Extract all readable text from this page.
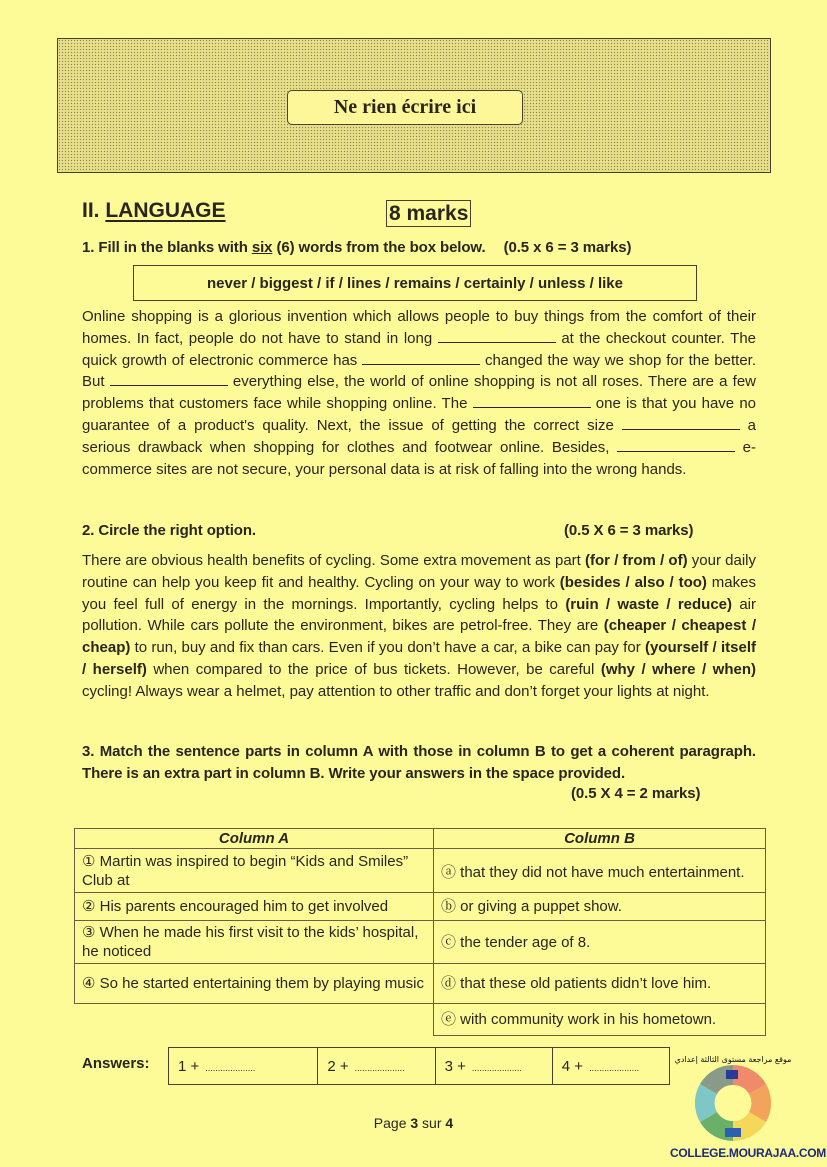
Ne rien écrire ici
II. LANGUAGE	8 marks
1. Fill in the blanks with six (6) words from the box below. (0.5 x 6 = 3 marks)
never / biggest / if / lines / remains / certainly / unless / like
Online shopping is a glorious invention which allows people to buy things from the comfort of their homes. In fact, people do not have to stand in long	at the checkout counter. The quick growth of electronic commerce has	changed the way we shop for the better. But	everything else, the world of online shopping is not all roses. There are a few problems that customers face while shopping online. The	one is that you have no guarantee of a product's quality. Next, the issue of getting the correct size	a serious drawback when shopping for clothes and footwear online. Besides,	e-commerce sites are not secure, your personal data is at risk of falling into the wrong hands.
2. Circle the right option.	(0.5 X 6 = 3 marks)
There are obvious health benefits of cycling. Some extra movement as part (for / from / of) your daily routine can help you keep fit and healthy. Cycling on your way to work (besides / also / too) makes you feel full of energy in the mornings. Importantly, cycling helps to (ruin / waste / reduce) air pollution. While cars pollute the environment, bikes are petrol-free. They are (cheaper / cheapest / cheap) to run, buy and fix than cars. Even if you don’t have a car, a bike can pay for (yourself / itself / herself) when compared to the price of bus tickets. However, be careful (why / where / when) cycling! Always wear a helmet, pay attention to other traffic and don’t forget your lights at night.
3. Match the sentence parts in column A with those in column B to get a coherent paragraph. There is an extra part in column B. Write your answers in the space provided.
(0.5 X 4 = 2 marks)
Column A	Column B
① Martin was inspired to begin “Kids and Smiles” Club at	ⓐ that they did not have much entertainment.
② His parents encouraged him to get involved	ⓑ or giving a puppet show.
③ When he made his first visit to the kids’ hospital, he noticed	ⓒ the tender age of 8.
④ So he started entertaining them by playing music	ⓓ that these old patients didn’t love him.
	ⓔ with community work in his hometown.
Answers: 1 + ....................	2 + ....................	3 + ....................	4 + ....................
Page 3 sur 4
موقع مراجعة مستوى الثالثة إعدادي
COLLEGE.MOURAJAA.COM
